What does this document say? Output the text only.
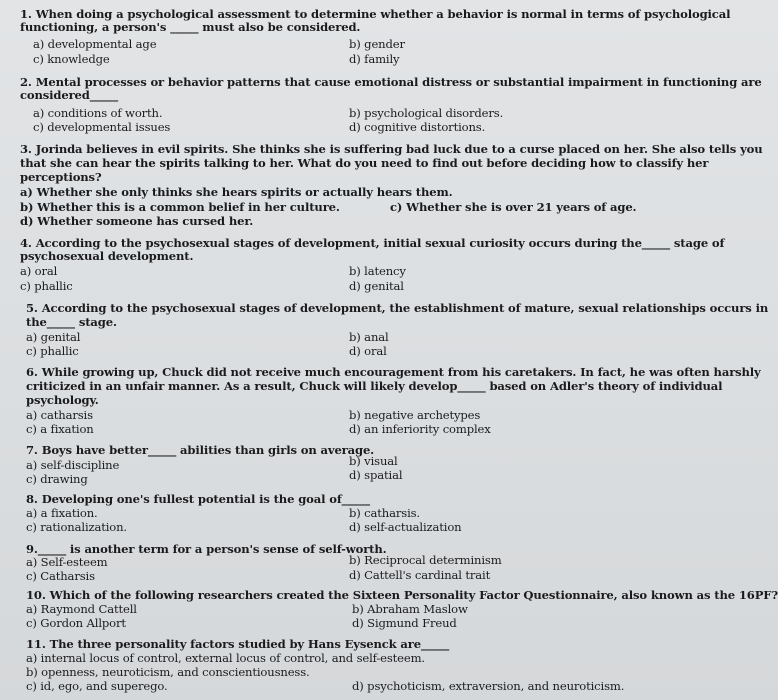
1. When doing a psychological assessment to determine whether a behavior is normal in terms of psychological
functioning, a person's _____ must also be considered.
a) developmental age	b) gender
c) knowledge	d) family
2. Mental processes or behavior patterns that cause emotional distress or substantial impairment in functioning are
considered_____
a) conditions of worth.	b) psychological disorders.
c) developmental issues	d) cognitive distortions.
3. Jorinda believes in evil spirits. She thinks she is suffering bad luck due to a curse placed on her. She also tells you
that she can hear the spirits talking to her. What do you need to find out before deciding how to classify her
perceptions?
a) Whether she only thinks she hears spirits or actually hears them.
b) Whether this is a common belief in her culture.	c) Whether she is over 21 years of age.
d) Whether someone has cursed her.
4. According to the psychosexual stages of development, initial sexual curiosity occurs during the_____ stage of
psychosexual development.
a) oral	b) latency
c) phallic	d) genital
5. According to the psychosexual stages of development, the establishment of mature, sexual relationships occurs in
the_____ stage.
a) genital	b) anal
c) phallic	d) oral
6. While growing up, Chuck did not receive much encouragement from his caretakers. In fact, he was often harshly
criticized in an unfair manner. As a result, Chuck will likely develop_____ based on Adler's theory of individual
psychology.
a) catharsis	b) negative archetypes
c) a fixation	d) an inferiority complex
7. Boys have better_____ abilities than girls on average.
a) self-discipline	b) visual
c) drawing	d) spatial
8. Developing one's fullest potential is the goal of_____
a) a fixation.	b) catharsis.
c) rationalization.	d) self-actualization
9._____ is another term for a person's sense of self-worth.
a) Self-esteem	b) Reciprocal determinism
c) Catharsis	d) Cattell's cardinal trait
10. Which of the following researchers created the Sixteen Personality Factor Questionnaire, also known as the 16PF?
a) Raymond Cattell	b) Abraham Maslow
c) Gordon Allport	d) Sigmund Freud
11. The three personality factors studied by Hans Eysenck are_____
a) internal locus of control, external locus of control, and self-esteem.
b) openness, neuroticism, and conscientiousness.
c) id, ego, and superego.	d) psychoticism, extraversion, and neuroticism.
